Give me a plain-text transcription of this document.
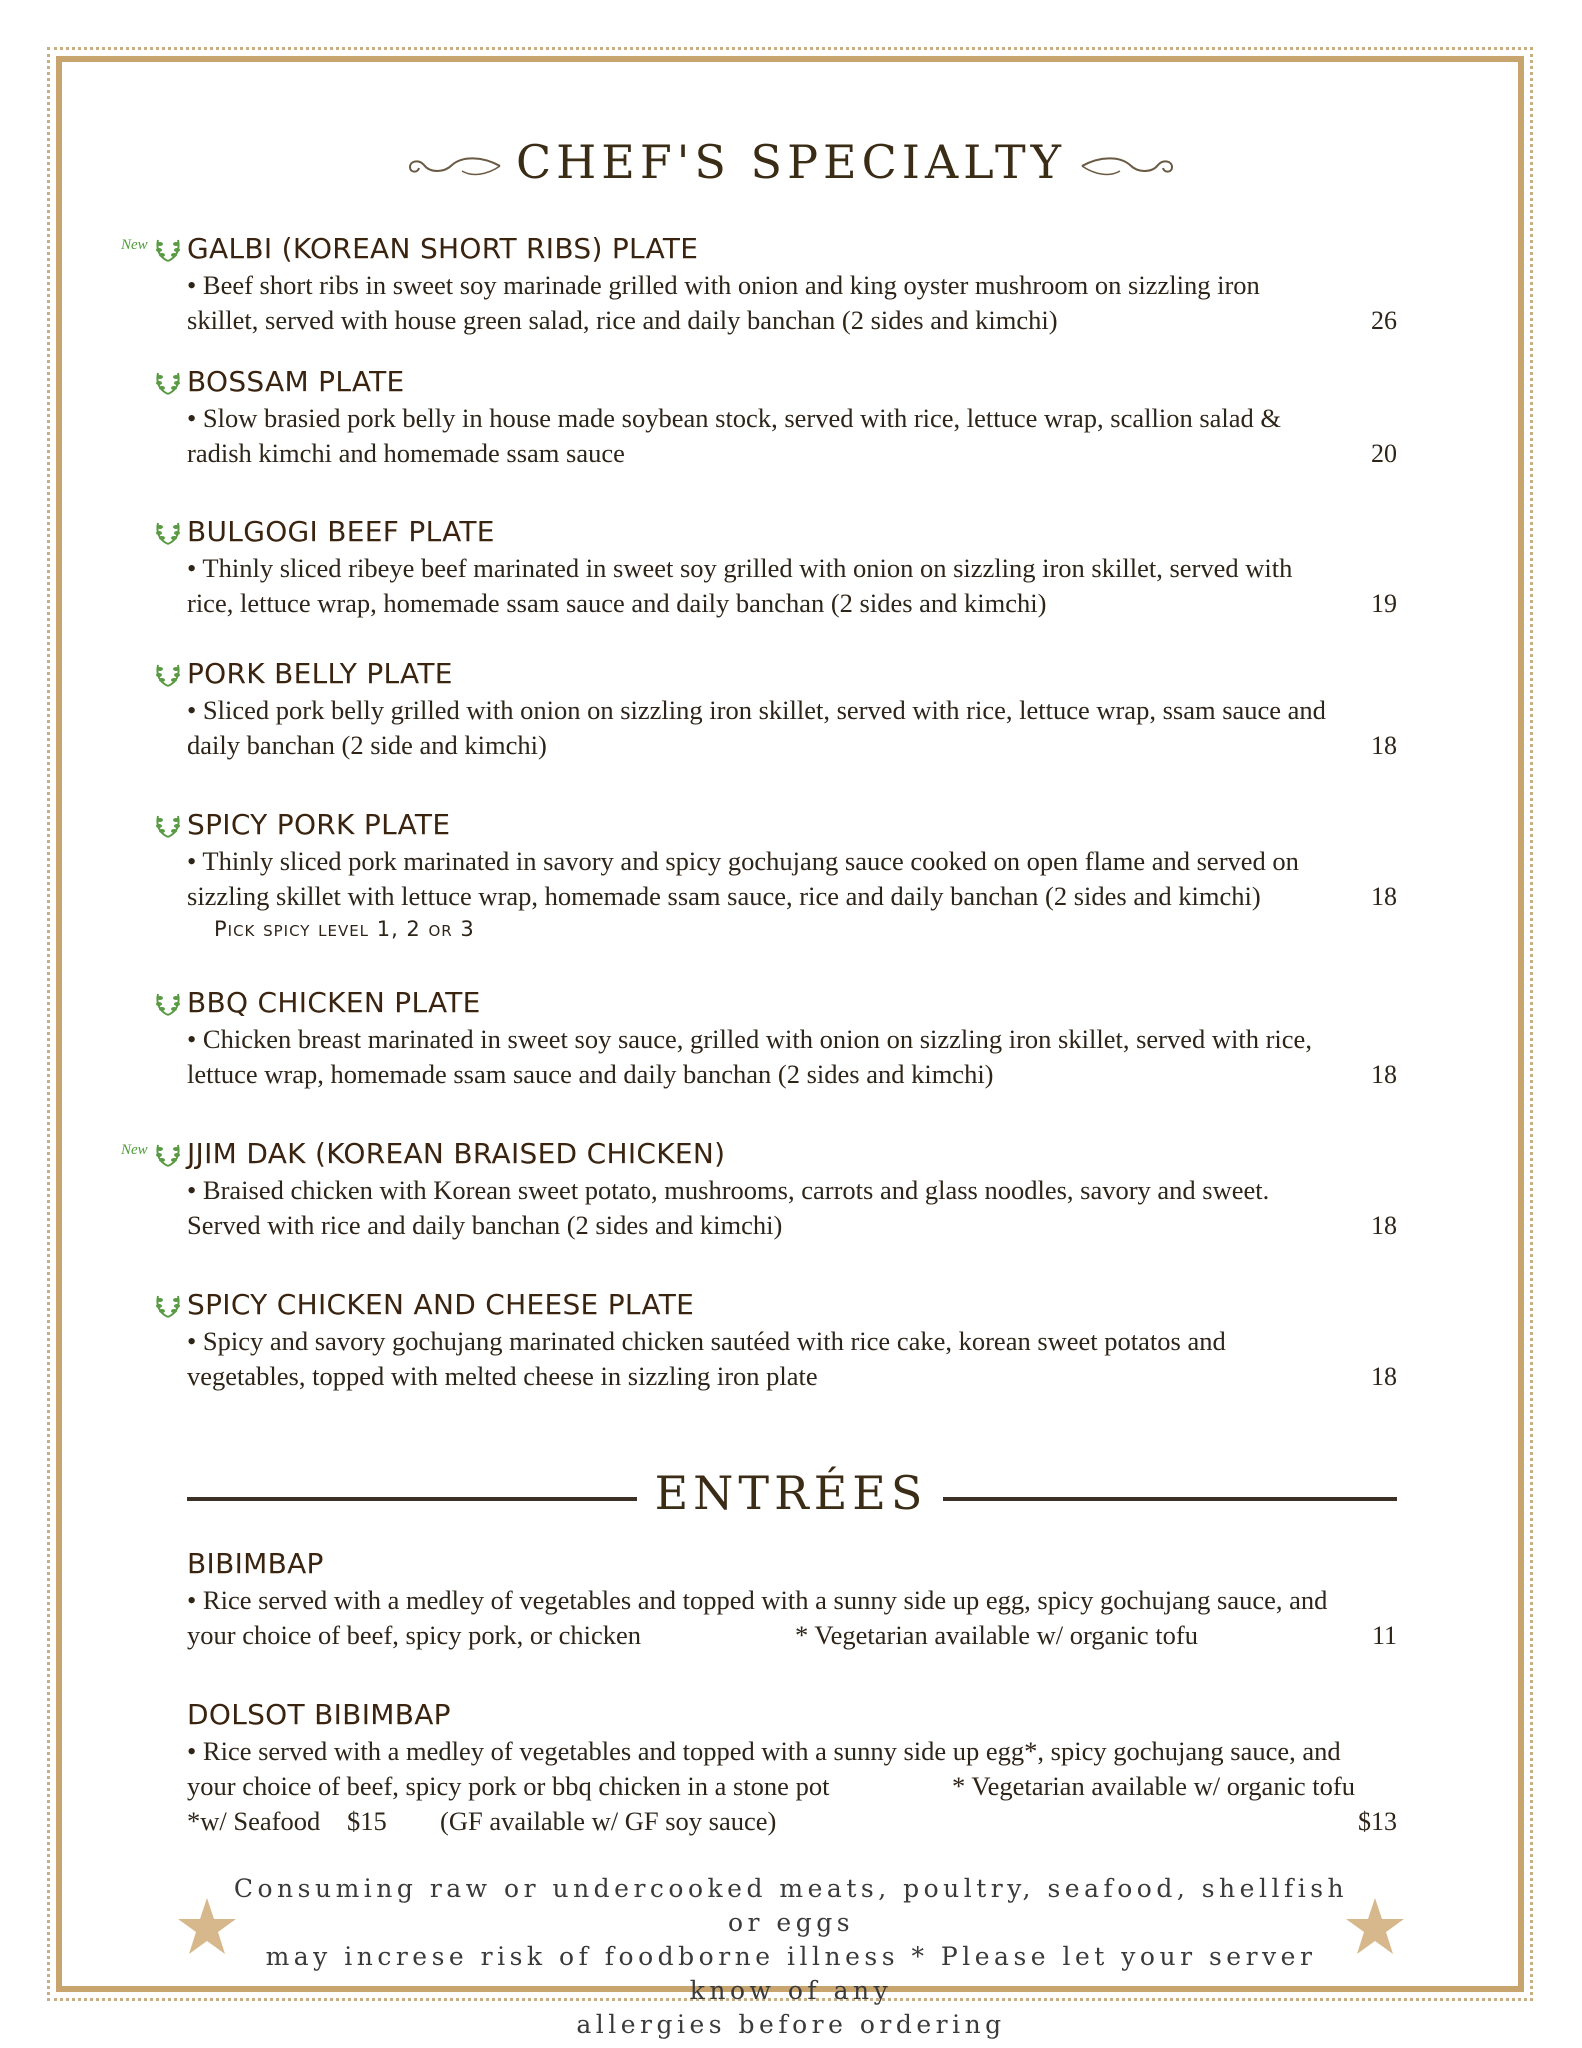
CHEF'S SPECIALTY
New GALBI (KOREAN SHORT RIBS) PLATE
• Beef short ribs in sweet soy marinade grilled with onion and king oyster mushroom on sizzling iron skillet, served with house green salad, rice and daily banchan (2 sides and kimchi)	26
BOSSAM PLATE
• Slow brasied pork belly in house made soybean stock, served with rice, lettuce wrap, scallion salad & radish kimchi and homemade ssam sauce	20
BULGOGI BEEF PLATE
• Thinly sliced ribeye beef marinated in sweet soy grilled with onion on sizzling iron skillet, served with rice, lettuce wrap, homemade ssam sauce and daily banchan (2 sides and kimchi)	19
PORK BELLY PLATE
• Sliced pork belly grilled with onion on sizzling iron skillet, served with rice, lettuce wrap, ssam sauce and daily banchan (2 side and kimchi)	18
SPICY PORK PLATE
• Thinly sliced pork marinated in savory and spicy gochujang sauce cooked on open flame and served on sizzling skillet with lettuce wrap, homemade ssam sauce, rice and daily banchan (2 sides and kimchi)	18
Pick spicy level 1, 2 or 3
BBQ CHICKEN PLATE
• Chicken breast marinated in sweet soy sauce, grilled with onion on sizzling iron skillet, served with rice, lettuce wrap, homemade ssam sauce and daily banchan (2 sides and kimchi)	18
New JJIM DAK (KOREAN BRAISED CHICKEN)
• Braised chicken with Korean sweet potato, mushrooms, carrots and glass noodles, savory and sweet. Served with rice and daily banchan (2 sides and kimchi)	18
SPICY CHICKEN AND CHEESE PLATE
• Spicy and savory gochujang marinated chicken sautéed with rice cake, korean sweet potatos and vegetables, topped with melted cheese in sizzling iron plate	18
ENTRÉES
BIBIMBAP
• Rice served with a medley of vegetables and topped with a sunny side up egg, spicy gochujang sauce, and
your choice of beef, spicy pork, or chicken	* Vegetarian available w/ organic tofu	11
DOLSOT BIBIMBAP
• Rice served with a medley of vegetables and topped with a sunny side up egg*, spicy gochujang sauce, and
your choice of beef, spicy pork or bbq chicken in a stone pot	* Vegetarian available w/ organic tofu
*w/ Seafood $15 (GF available w/ GF soy sauce)	$13
Consuming raw or undercooked meats, poultry, seafood, shellfish or eggs
may increse risk of foodborne illness * Please let your server know of any
allergies before ordering
